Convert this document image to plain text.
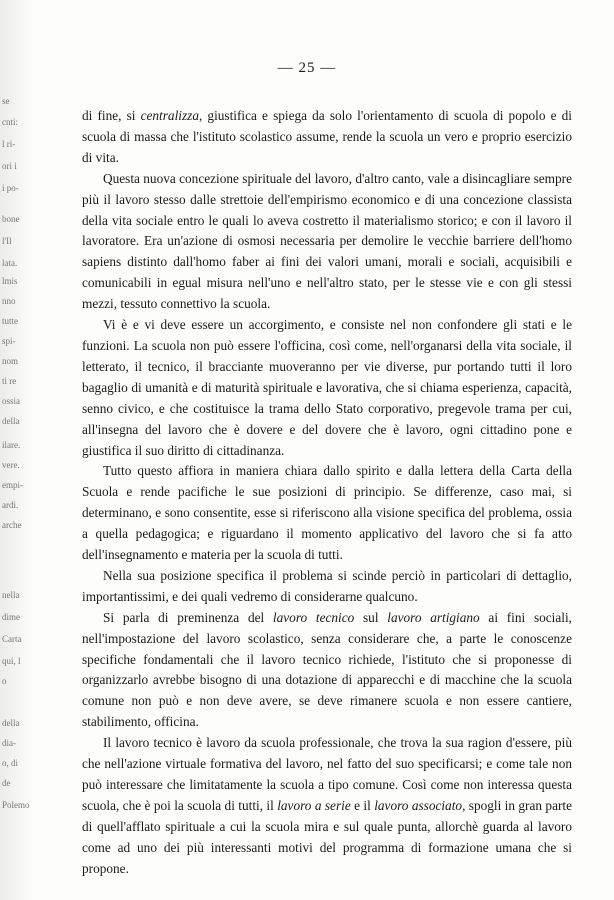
se
cnti:
l ri-
ori i
i po-
bone
l'Il
lata.
lmis
nno
tutte
spi-
nom
ti re
ossia
della
ilare.
vere.
empi-
ardi.
arche
nella
dime
Carta
qui, l
o
della
dia-
o, di
de
Polemo
— 25 —

di fine, si centralizza, giustifica e spiega da solo l'orientamento di scuola di popolo e di scuola di massa che l'istituto scolastico assume, rende la scuola un vero e proprio esercizio di vita.

Questa nuova concezione spirituale del lavoro, d'altro canto, vale a disincagliare sempre più il lavoro stesso dalle strettoie dell'empirismo economico e di una concezione classista della vita sociale entro le quali lo aveva costretto il materialismo storico; e con il lavoro il lavoratore. Era un'azione di osmosi necessaria per demolire le vecchie barriere dell'homo sapiens distinto dall'homo faber ai fini dei valori umani, morali e sociali, acquisibili e comunicabili in egual misura nell'uno e nell'altro stato, per le stesse vie e con gli stessi mezzi, tessuto connettivo la scuola.

Vi è e vi deve essere un accorgimento, e consiste nel non confondere gli stati e le funzioni. La scuola non può essere l'officina, così come, nell'organarsi della vita sociale, il letterato, il tecnico, il bracciante muoveranno per vie diverse, pur portando tutti il loro bagaglio di umanità e di maturità spirituale e lavorativa, che si chiama esperienza, capacità, senno civico, e che costituisce la trama dello Stato corporativo, pregevole trama per cui, all'insegna del lavoro che è dovere e del dovere che è lavoro, ogni cittadino pone e giustifica il suo diritto di cittadinanza.

Tutto questo affiora in maniera chiara dallo spirito e dalla lettera della Carta della Scuola e rende pacifiche le sue posizioni di principio. Se differenze, caso mai, si determinano, e sono consentite, esse si riferiscono alla visione specifica del problema, ossia a quella pedagogica; e riguardano il momento applicativo del lavoro che si fa atto dell'insegnamento e materia per la scuola di tutti.

Nella sua posizione specifica il problema si scinde perciò in particolari di dettaglio, importantissimi, e dei quali vedremo di considerarne qualcuno.

Si parla di preminenza del lavoro tecnico sul lavoro artigiano ai fini sociali, nell'impostazione del lavoro scolastico, senza considerare che, a parte le conoscenze specifiche fondamentali che il lavoro tecnico richiede, l'istituto che si proponesse di organizzarlo avrebbe bisogno di una dotazione di apparecchi e di macchine che la scuola comune non può e non deve avere, se deve rimanere scuola e non essere cantiere, stabilimento, officina.

Il lavoro tecnico è lavoro da scuola professionale, che trova la sua ragion d'essere, più che nell'azione virtuale formativa del lavoro, nel fatto del suo specificarsi; e come tale non può interessare che limitatamente la scuola a tipo comune. Così come non interessa questa scuola, che è poi la scuola di tutti, il lavoro a serie e il lavoro associato, spogli in gran parte di quell'afflato spirituale a cui la scuola mira e sul quale punta, allorchè guarda al lavoro come ad uno dei più interessanti motivi del programma di formazione umana che si propone.
